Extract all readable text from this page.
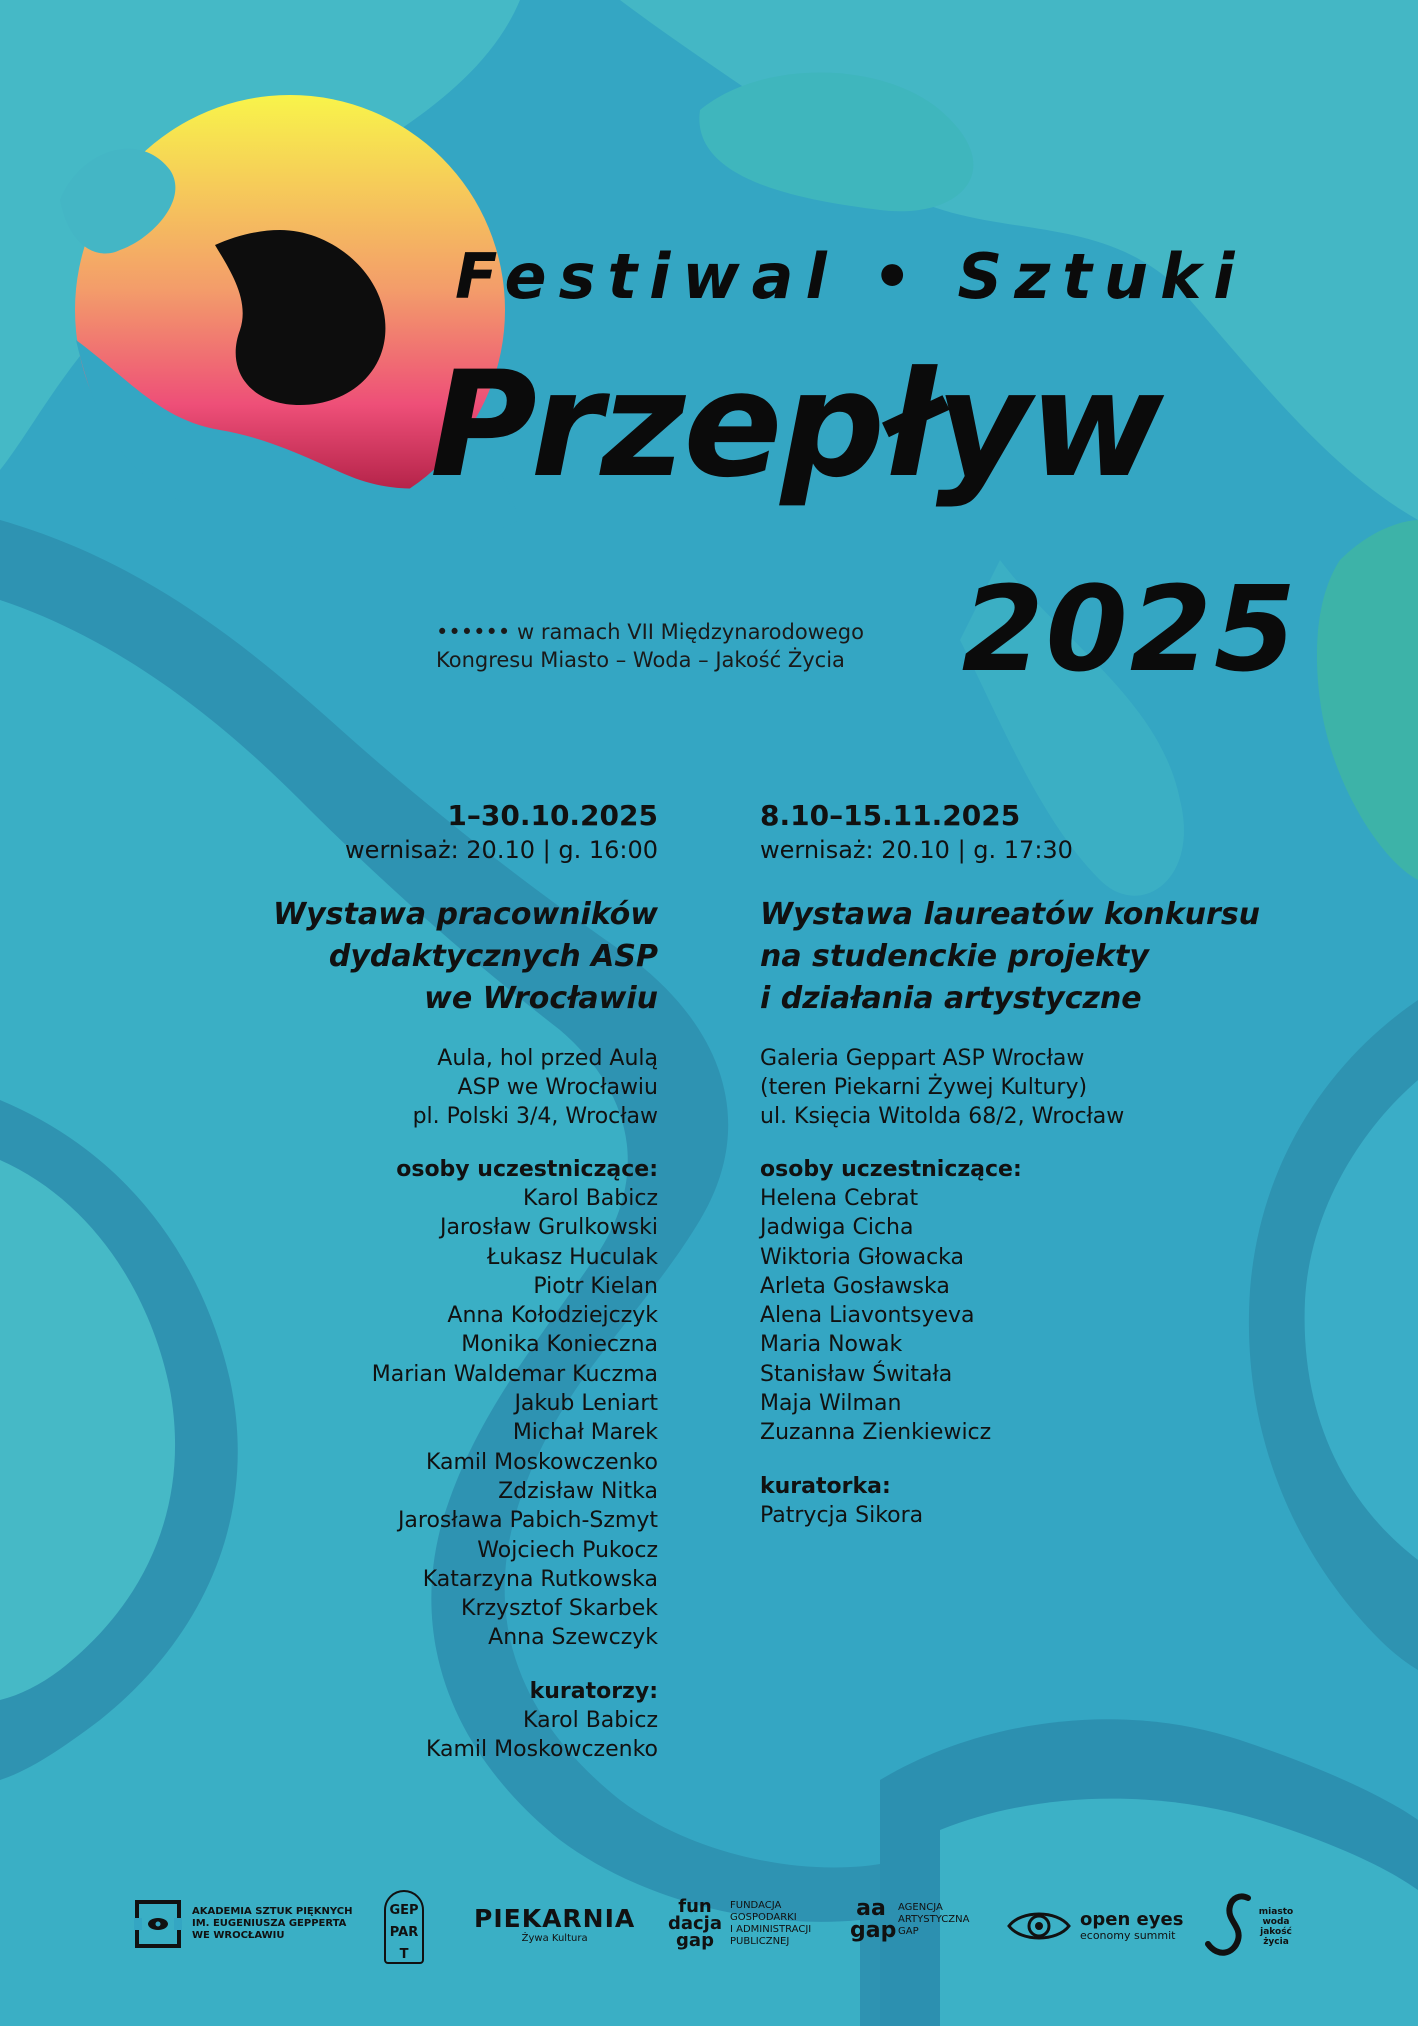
Festiwal • Sztuki
Przepływ
2025
•••••• w ramach VII Międzynarodowego
Kongresu Miasto – Woda – Jakość Życia
1–30.10.2025
wernisaż: 20.10 | g. 16:00
Wystawa pracowników
dydaktycznych ASP
we Wrocławiu
Aula, hol przed Aulą
ASP we Wrocławiu
pl. Polski 3/4, Wrocław
osoby uczestniczące:
Karol Babicz
Jarosław Grulkowski
Łukasz Huculak
Piotr Kielan
Anna Kołodziejczyk
Monika Konieczna
Marian Waldemar Kuczma
Jakub Leniart
Michał Marek
Kamil Moskowczenko
Zdzisław Nitka
Jarosława Pabich-Szmyt
Wojciech Pukocz
Katarzyna Rutkowska
Krzysztof Skarbek
Anna Szewczyk
kuratorzy:
Karol Babicz
Kamil Moskowczenko
8.10–15.11.2025
wernisaż: 20.10 | g. 17:30
Wystawa laureatów konkursu
na studenckie projekty
i działania artystyczne
Galeria Geppart ASP Wrocław
(teren Piekarni Żywej Kultury)
ul. Księcia Witolda 68/2, Wrocław
osoby uczestniczące:
Helena Cebrat
Jadwiga Cicha
Wiktoria Głowacka
Arleta Gosławska
Alena Liavontsyeva
Maria Nowak
Stanisław Świtała
Maja Wilman
Zuzanna Zienkiewicz
kuratorka:
Patrycja Sikora
AKADEMIA SZTUK PIĘKNYCH
IM. EUGENIUSZA GEPPERTA
WE WROCŁAWIU
GEP PART
PIEKARNIA
Żywa Kultura
fun dacja gap
FUNDACJA
GOSPODARKI
I ADMINISTRACJI
PUBLICZNEJ
aa gap
AGENCJA
ARTYSTYCZNA
GAP
open eyes
economy summit
miasto woda jakość życia
